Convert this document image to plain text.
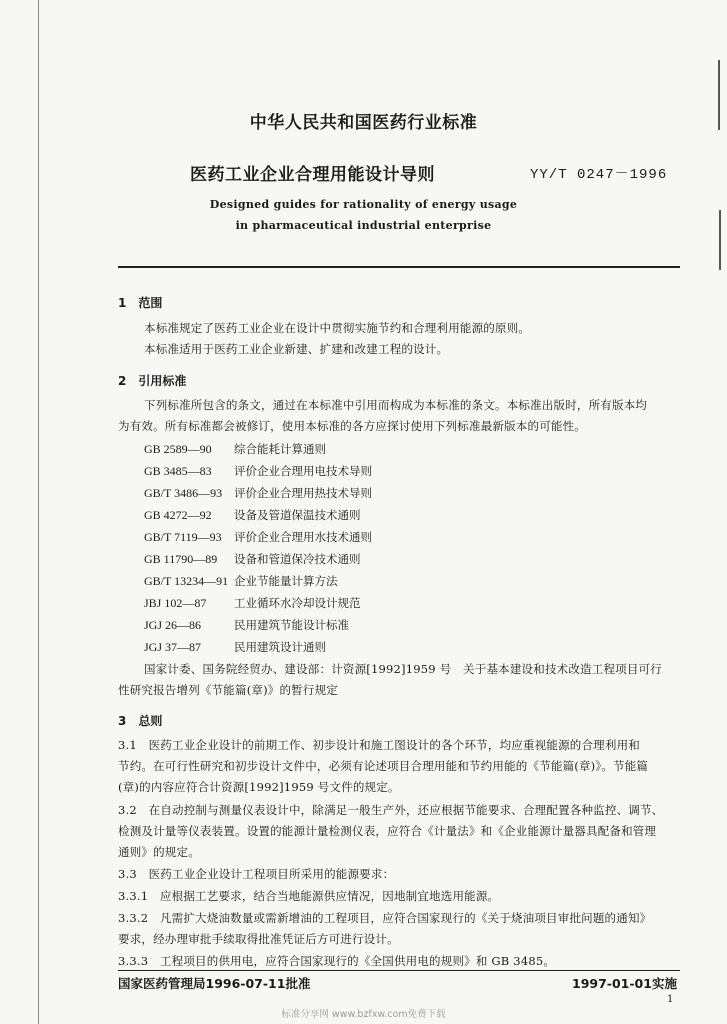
中华人民共和国医药行业标准
医药工业企业合理用能设计导则	YY/T 0247－1996
Designed guides for rationality of energy usage
in pharmaceutical industrial enterprise
1　范围
本标准规定了医药工业企业在设计中贯彻实施节约和合理利用能源的原则。
本标准适用于医药工业企业新建、扩建和改建工程的设计。
2　引用标准
下列标准所包含的条文，通过在本标准中引用而构成为本标准的条文。本标准出版时，所有版本均
为有效。所有标准都会被修订，使用本标准的各方应探讨使用下列标准最新版本的可能性。
GB 2589—90 综合能耗计算通则
GB 3485—83 评价企业合理用电技术导则
GB/T 3486—93 评价企业合理用热技术导则
GB 4272—92 设备及管道保温技术通则
GB/T 7119—93 评价企业合理用水技术通则
GB 11790—89 设备和管道保冷技术通则
GB/T 13234—91 企业节能量计算方法
JBJ 102—87 工业循环水冷却设计规范
JGJ 26—86	民用建筑节能设计标准
JGJ 37—87	民用建筑设计通则
国家计委、国务院经贸办、建设部：计资源[1992]1959 号　关于基本建设和技术改造工程项目可行
性研究报告增列《节能篇(章)》的暂行规定
3　总则
3.1　医药工业企业设计的前期工作、初步设计和施工图设计的各个环节，均应重视能源的合理利用和
节约。在可行性研究和初步设计文件中，必须有论述项目合理用能和节约用能的《节能篇(章)》。节能篇
(章)的内容应符合计资源[1992]1959 号文件的规定。
3.2　在自动控制与测量仪表设计中，除满足一般生产外，还应根据节能要求、合理配置各种监控、调节、
检测及计量等仪表装置。设置的能源计量检测仪表，应符合《计量法》和《企业能源计量器具配备和管理
通则》的规定。
3.3　医药工业企业设计工程项目所采用的能源要求：
3.3.1　应根据工艺要求，结合当地能源供应情况，因地制宜地选用能源。
3.3.2　凡需扩大烧油数量或需新增油的工程项目，应符合国家现行的《关于烧油项目审批问题的通知》
要求，经办理审批手续取得批准凭证后方可进行设计。
3.3.3　工程项目的供用电，应符合国家现行的《全国供用电的规则》和 GB 3485。
国家医药管理局1996-07-11批准	1997-01-01实施
1
标准分享网 www.bzfxw.com免费下载
